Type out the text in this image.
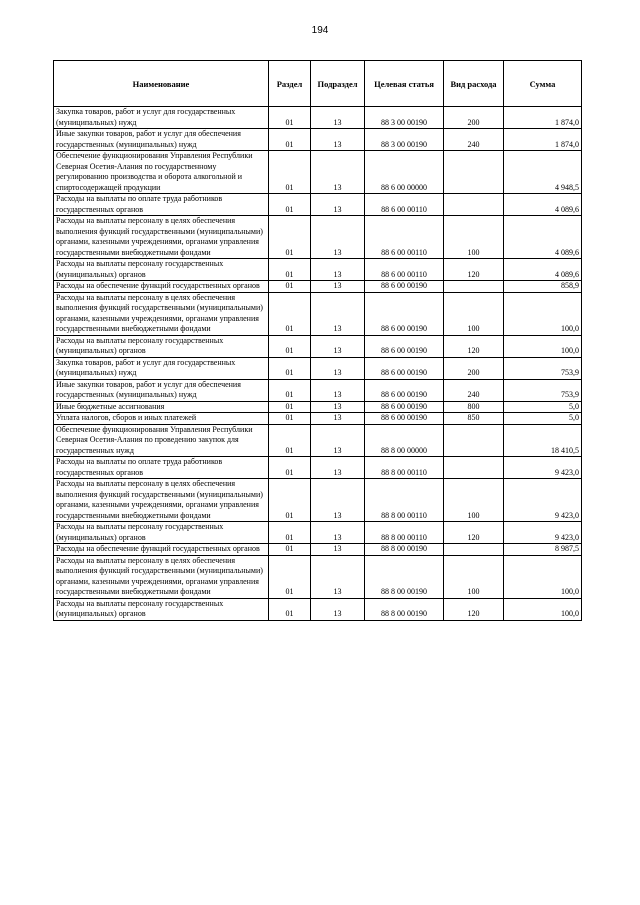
194
Наименование	Раздел	Подраздел	Целевая статья	Вид расхода	Сумма
Закупка товаров, работ и услуг для государственных (муниципальных) нужд	01	13	88 3 00 00190	200	1 874,0
Иные закупки товаров, работ и услуг для обеспечения государственных (муниципальных) нужд	01	13	88 3 00 00190	240	1 874,0
Обеспечение функционирования Управления Республики Северная Осетия-Алания по государственному регулированию производства и оборота алкогольной и спиртосодержащей продукции	01	13	88 6 00 00000		4 948,5
Расходы на выплаты по оплате труда работников государственных органов	01	13	88 6 00 00110		4 089,6
Расходы на выплаты персоналу в целях обеспечения выполнения функций государственными (муниципальными) органами, казенными учреждениями, органами управления государственными внебюджетными фондами	01	13	88 6 00 00110	100	4 089,6
Расходы на выплаты персоналу государственных (муниципальных) органов	01	13	88 6 00 00110	120	4 089,6
Расходы на обеспечение функций государственных органов	01	13	88 6 00 00190		858,9
Расходы на выплаты персоналу в целях обеспечения выполнения функций государственными (муниципальными) органами, казенными учреждениями, органами управления государственными внебюджетными фондами	01	13	88 6 00 00190	100	100,0
Расходы на выплаты персоналу государственных (муниципальных) органов	01	13	88 6 00 00190	120	100,0
Закупка товаров, работ и услуг для государственных (муниципальных) нужд	01	13	88 6 00 00190	200	753,9
Иные закупки товаров, работ и услуг для обеспечения государственных (муниципальных) нужд	01	13	88 6 00 00190	240	753,9
Иные бюджетные ассигнования	01	13	88 6 00 00190	800	5,0
Уплата налогов, сборов и иных платежей	01	13	88 6 00 00190	850	5,0
Обеспечение функционирования Управления Республики Северная Осетия-Алания по проведению закупок для государственных нужд	01	13	88 8 00 00000		18 410,5
Расходы на выплаты по оплате труда работников государственных органов	01	13	88 8 00 00110		9 423,0
Расходы на выплаты персоналу в целях обеспечения выполнения функций государственными (муниципальными) органами, казенными учреждениями, органами управления государственными внебюджетными фондами	01	13	88 8 00 00110	100	9 423,0
Расходы на выплаты персоналу государственных (муниципальных) органов	01	13	88 8 00 00110	120	9 423,0
Расходы на обеспечение функций государственных органов	01	13	88 8 00 00190		8 987,5
Расходы на выплаты персоналу в целях обеспечения выполнения функций государственными (муниципальными) органами, казенными учреждениями, органами управления государственными внебюджетными фондами	01	13	88 8 00 00190	100	100,0
Расходы на выплаты персоналу государственных (муниципальных) органов	01	13	88 8 00 00190	120	100,0
